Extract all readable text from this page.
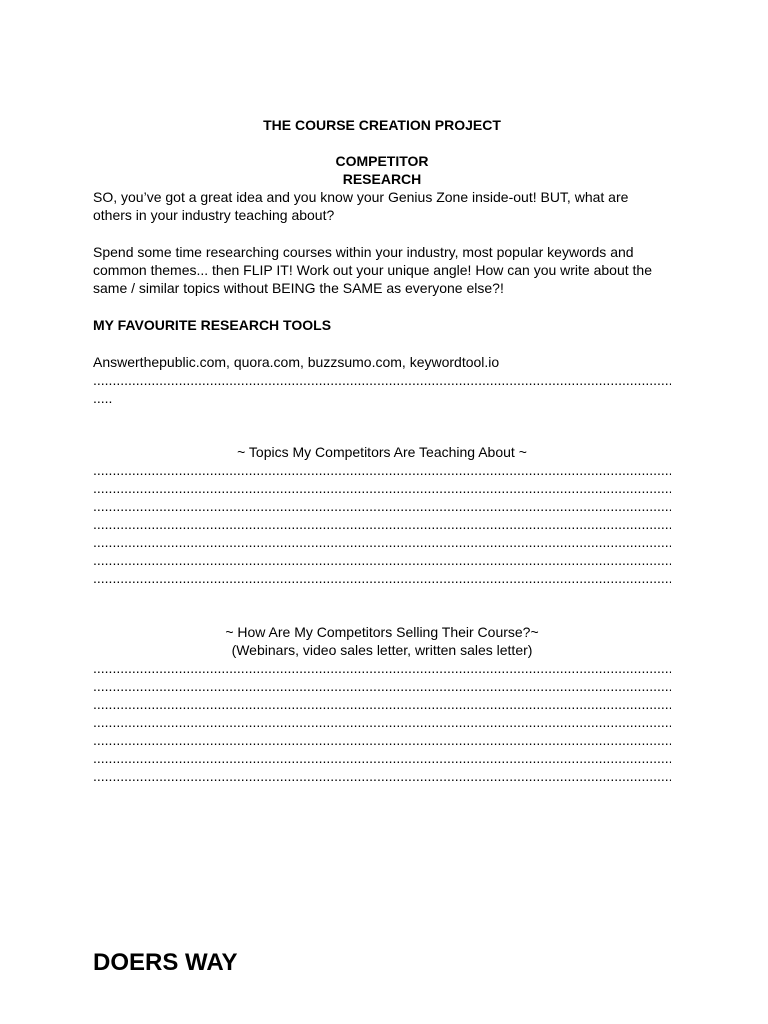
THE COURSE CREATION PROJECT

COMPETITOR

RESEARCH

SO, you’ve got a great idea and you know your Genius Zone inside-out! BUT, what are others in your industry teaching about?

Spend some time researching courses within your industry, most popular keywords and common themes... then FLIP IT! Work out your unique angle! How can you write about the same / similar topics without BEING the SAME as everyone else?!

MY FAVOURITE RESEARCH TOOLS

Answerthepublic.com, quora.com, buzzsumo.com, keywordtool.io

.....
.....

~ Topics My Competitors Are Teaching About ~

.....
.....
.....
.....
.....
.....
.....

~ How Are My Competitors Selling Their Course?~

(Webinars, video sales letter, written sales letter)

.....
.....
.....
.....
.....
.....
.....
DOERS WAY
